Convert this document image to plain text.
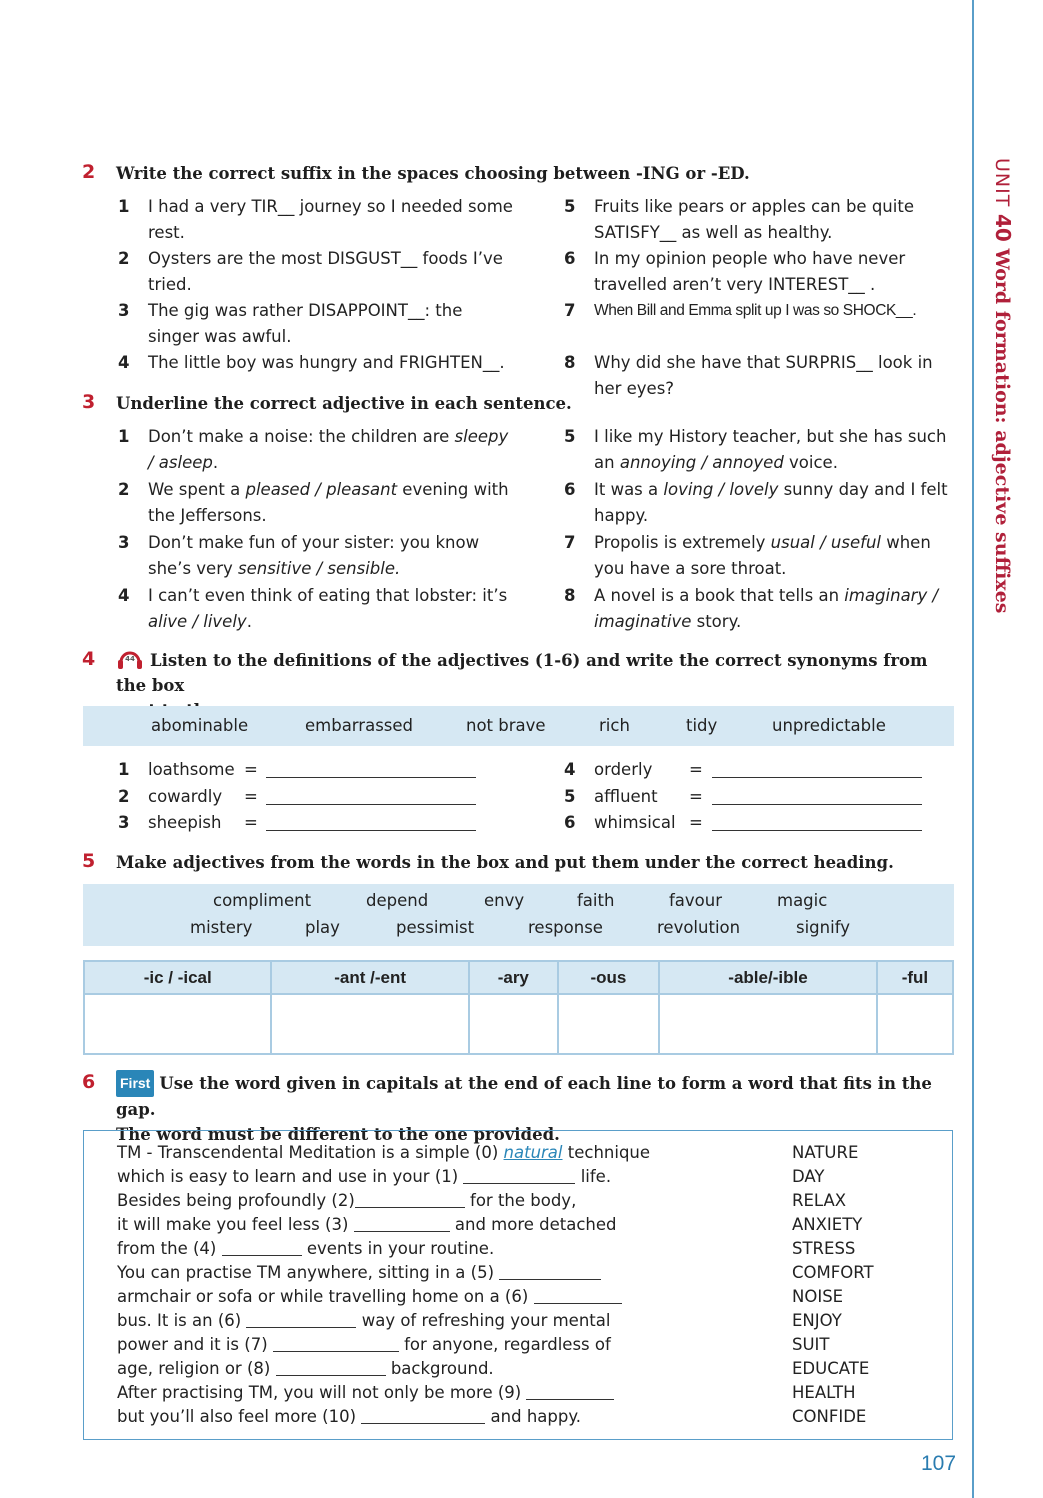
UNIT 40 Word formation: adjective suffixes
2 Write the correct suffix in the spaces choosing between -ING or -ED.
1	I had a very TIR__ journey so I needed some rest.
2	Oysters are the most DISGUST__ foods I’ve tried.
3	The gig was rather DISAPPOINT__: the singer was awful.
4	The little boy was hungry and FRIGHTEN__.
5	Fruits like pears or apples can be quite SATISFY__ as well as healthy.
6	In my opinion people who have never travelled aren’t very INTEREST__ .
7	When Bill and Emma split up I was so SHOCK__.
8	Why did she have that SURPRIS__ look in her eyes?
3 Underline the correct adjective in each sentence.
1	Don’t make a noise: the children are sleepy / asleep.
2	We spent a pleased / pleasant evening with the Jeffersons.
3	Don’t make fun of your sister: you know she’s very sensitive / sensible.
4	I can’t even think of eating that lobster: it’s alive / lively.
5	I like my History teacher, but she has such an annoying / annoyed voice.
6	It was a loving / lovely sunny day and I felt happy.
7	Propolis is extremely usual / useful when you have a sore throat.
8	A novel is a book that tells an imaginary / imaginative story.
4	44 Listen to the definitions of the adjectives (1-6) and write the correct synonyms from the box

abominable	embarrassed	not brave	rich	tidy	unpredictable
1 loathsome =
2 cowardly =
3 sheepish =
4 orderly =
5 affluent =
6 whimsical =
5 Make adjectives from the words in the box and put them under the correct heading.
compliment	depend	envy	faith	favour	magic
mistery	play	pessimist	response	revolution	signify
-ic / -ical	-ant /-ent	-ary	-ous	-able/-ible	-ful

6 First Use the word given in capitals at the end of each line to form a word that fits in the gap.
The word must be different to the one provided.
TM - Transcendental Meditation is a simple (0) natural technique	NATURE
which is easy to learn and use in your (1)	life.	DAY
Besides being profoundly (2)	for the body,	RELAX
it will make you feel less (3)	and more detached	ANXIETY
from the (4)	events in your routine.	STRESS
You can practise TM anywhere, sitting in a (5)	COMFORT
armchair or sofa or while travelling home on a (6)	NOISE
bus. It is an (6)	way of refreshing your mental	ENJOY
power and it is (7)	for anyone, regardless of	SUIT
age, religion or (8)	background.	EDUCATE
After practising TM, you will not only be more (9)	HEALTH
but you’ll also feel more (10)	and happy.	CONFIDE
107
